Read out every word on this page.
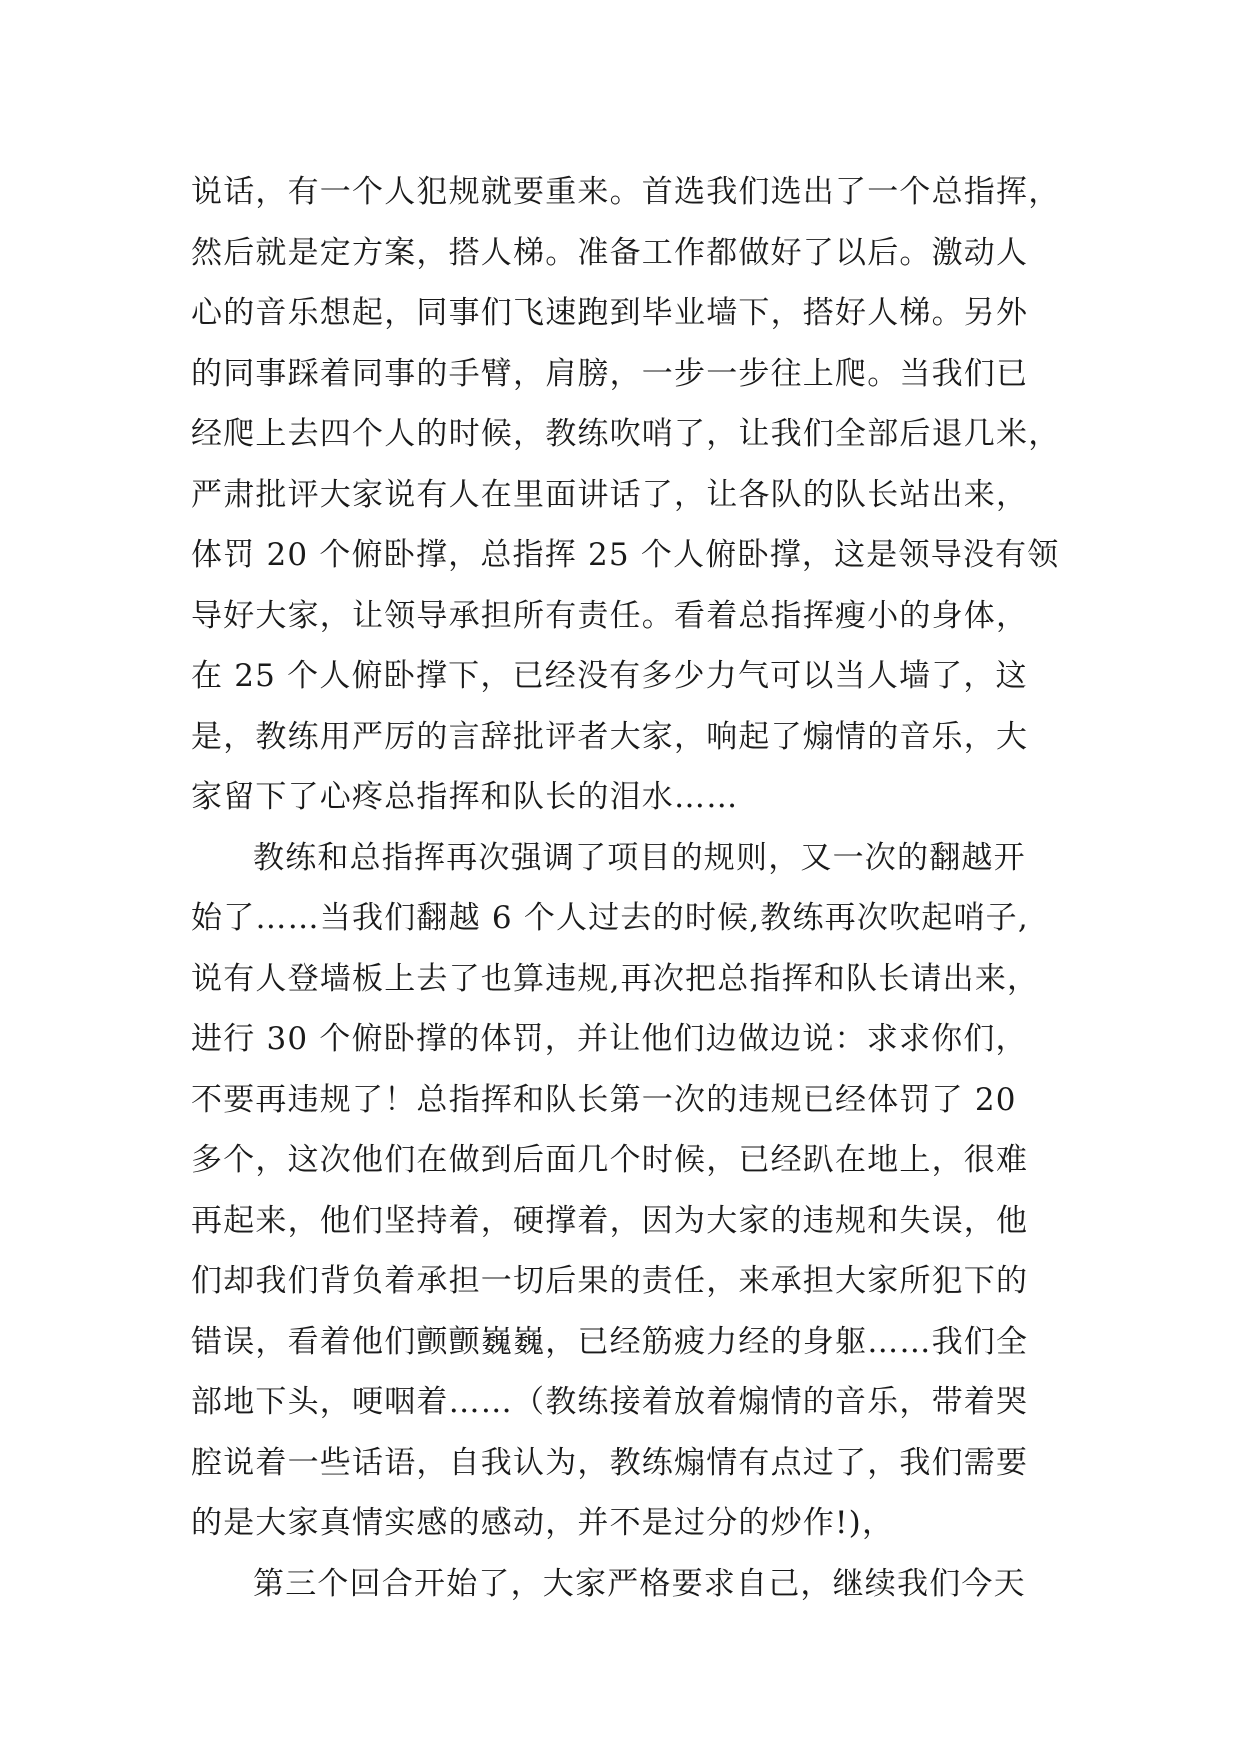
说话，有一个人犯规就要重来。首选我们选出了一个总指挥，
然后就是定方案，搭人梯。准备工作都做好了以后。激动人
心的音乐想起，同事们飞速跑到毕业墙下，搭好人梯。另外
的同事踩着同事的手臂，肩膀，一步一步往上爬。当我们已
经爬上去四个人的时候，教练吹哨了，让我们全部后退几米，
严肃批评大家说有人在里面讲话了，让各队的队长站出来，
体罚 20 个俯卧撑，总指挥 25 个人俯卧撑，这是领导没有领
导好大家，让领导承担所有责任。看着总指挥瘦小的身体，
在 25 个人俯卧撑下，已经没有多少力气可以当人墙了，这
是，教练用严厉的言辞批评者大家，响起了煽情的音乐，大
家留下了心疼总指挥和队长的泪水……
教练和总指挥再次强调了项目的规则，又一次的翻越开
始了……当我们翻越 6 个人过去的时候,教练再次吹起哨子,
说有人登墙板上去了也算违规,再次把总指挥和队长请出来，
进行 30 个俯卧撑的体罚，并让他们边做边说：求求你们，
不要再违规了！总指挥和队长第一次的违规已经体罚了 20
多个，这次他们在做到后面几个时候，已经趴在地上，很难
再起来，他们坚持着，硬撑着，因为大家的违规和失误，他
们却我们背负着承担一切后果的责任，来承担大家所犯下的
错误，看着他们颤颤巍巍，已经筋疲力经的身躯……我们全
部地下头，哽咽着……（教练接着放着煽情的音乐，带着哭
腔说着一些话语，自我认为，教练煽情有点过了，我们需要
的是大家真情实感的感动，并不是过分的炒作!)，
第三个回合开始了，大家严格要求自己，继续我们今天
